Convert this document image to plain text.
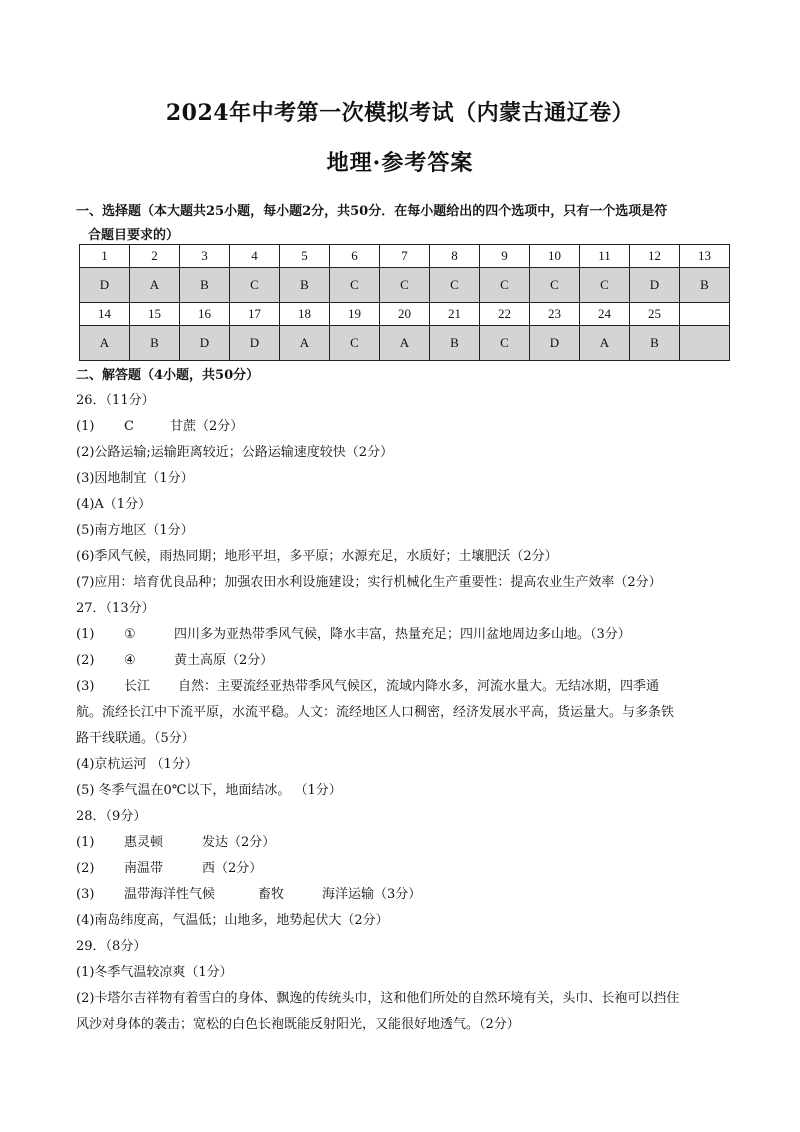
2024年中考第一次模拟考试（内蒙古通辽卷）
地理·参考答案
一、选择题（本大题共25小题，每小题2分，共50分．在每小题给出的四个选项中，只有一个选项是符
合题目要求的）
1	2	3	4	5	6	7	8	9	10	11	12	13
D	A	B	C	B	C	C	C	C	C	C	D	B
14	15	16	17	18	19	20	21	22	23	24	25	
A	B	D	D	A	C	A	B	C	D	A	B	
二、解答题（4小题，共50分）
26．（11分）
(1) C	甘蔗（2分）
(2)公路运输;运输距离较近；公路运输速度较快（2分）
(3)因地制宜（1分）
(4)A（1分）
(5)南方地区（1分）
(6)季风气候，雨热同期；地形平坦，多平原；水源充足，水质好；土壤肥沃（2分）
(7)应用：培育优良品种；加强农田水利设施建设；实行机械化生产重要性：提高农业生产效率（2分）
27．（13分）
(1) ①	四川多为亚热带季风气候，降水丰富，热量充足；四川盆地周边多山地。（3分）
(2) ④	黄土高原（2分）
(3) 长江 自然：主要流经亚热带季风气候区，流域内降水多，河流水量大。无结冰期，四季通
航。流经长江中下流平原，水流平稳。人文：流经地区人口稠密，经济发展水平高，货运量大。与多条铁
路干线联通。（5分）
(4)京杭运河 （1分）
(5) 冬季气温在0℃以下，地面结冰。 （1分）
28．（9分）
(1) 惠灵顿	发达（2分）
(2) 南温带	西（2分）
(3) 温带海洋性气候	畜牧	海洋运输（3分）
(4)南岛纬度高，气温低；山地多，地势起伏大（2分）
29．（8分）
(1)冬季气温较凉爽（1分）
(2)卡塔尔吉祥物有着雪白的身体、飘逸的传统头巾，这和他们所处的自然环境有关，头巾、长袍可以挡住
风沙对身体的袭击；宽松的白色长袍既能反射阳光，又能很好地透气。（2分）
